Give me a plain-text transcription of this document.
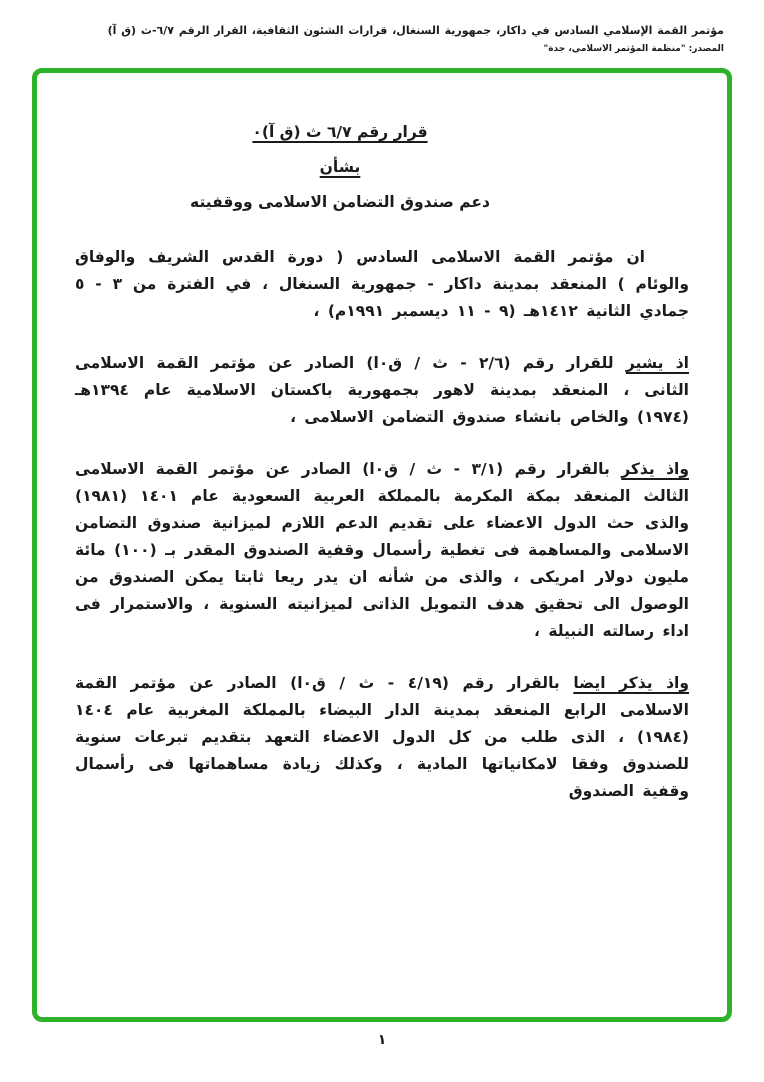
مؤتمر القمة الإسلامي السادس في داكار، جمهورية السنغال، قرارات الشئون الثقافية، القرار الرقم ٦/٧-ث (ق آ)
المصدر: "منظمة المؤتمر الاسلامي، جدة"
قرار رقم ٦/٧ ث (ق آ)٠
بشأن
دعم صندوق التضامن الاسلامى ووقفيته

ان مؤتمر القمة الاسلامى السادس ( دورة القدس الشريف والوفاق والوئام ) المنعقد بمدينة داكار - جمهورية السنغال ، في الفترة من ٣ - ٥ جمادي الثانية ١٤١٢هـ (٩ - ١١ ديسمبر ١٩٩١م) ،

اذ يشير للقرار رقم (٢/٦ - ث / ق٠ا) الصادر عن مؤتمر القمة الاسلامى الثانى ، المنعقد بمدينة لاهور بجمهورية باكستان الاسلامية عام ١٣٩٤هـ (١٩٧٤) والخاص بانشاء صندوق التضامن الاسلامى ،

واذ يذكر بالقرار رقم (٣/١ - ث / ق٠ا) الصادر عن مؤتمر القمة الاسلامى الثالث المنعقد بمكة المكرمة بالمملكة العربية السعودية عام ١٤٠١ (١٩٨١) والذى حث الدول الاعضاء على تقديم الدعم اللازم لميزانية صندوق التضامن الاسلامى والمساهمة فى تغطية رأسمال وقفية الصندوق المقدر بـ (١٠٠) مائة مليون دولار امريكى ، والذى من شأنه ان يدر ريعا ثابتا يمكن الصندوق من الوصول الى تحقيق هدف التمويل الذاتى لميزانيته السنوية ، والاستمرار فى اداء رسالته النبيلة ،

واذ يذكر ايضا بالقرار رقم (٤/١٩ - ث / ق٠ا) الصادر عن مؤتمر القمة الاسلامى الرابع المنعقد بمدينة الدار البيضاء بالمملكة المغربية عام ١٤٠٤ (١٩٨٤) ، الذى طلب من كل الدول الاعضاء التعهد بتقديم تبرعات سنوية للصندوق وفقا لامكانياتها المادية ، وكذلك زيادة مساهماتها فى رأسمال وقفية الصندوق

١
